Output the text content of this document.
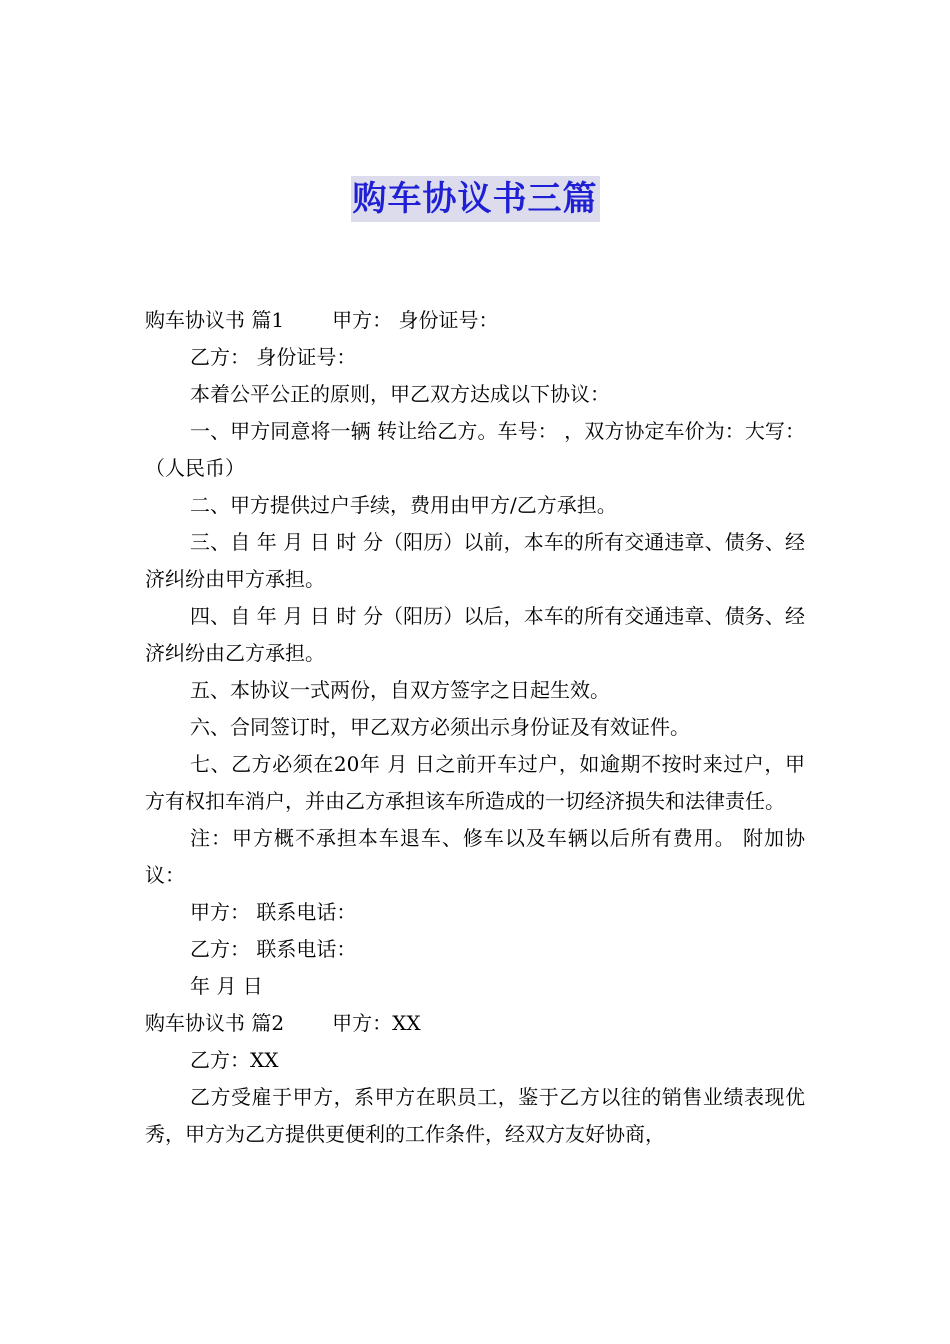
购车协议书三篇

购车协议书 篇1 甲方： 身份证号：

乙方： 身份证号：

本着公平公正的原则，甲乙双方达成以下协议：

一、甲方同意将一辆 转让给乙方。车号： ，双方协定车价为：大写： （人民币）

二、甲方提供过户手续，费用由甲方/乙方承担。

三、自 年 月 日 时 分（阳历）以前，本车的所有交通违章、债务、经济纠纷由甲方承担。

四、自 年 月 日 时 分（阳历）以后，本车的所有交通违章、债务、经济纠纷由乙方承担。

五、本协议一式两份，自双方签字之日起生效。

六、合同签订时，甲乙双方必须出示身份证及有效证件。

七、乙方必须在20年 月 日之前开车过户，如逾期不按时来过户，甲方有权扣车消户，并由乙方承担该车所造成的一切经济损失和法律责任。

注：甲方概不承担本车退车、修车以及车辆以后所有费用。 附加协议：

甲方： 联系电话：

乙方： 联系电话：

年 月 日

购车协议书 篇2 甲方：XX

乙方：XX

乙方受雇于甲方，系甲方在职员工，鉴于乙方以往的销售业绩表现优秀，甲方为乙方提供更便利的工作条件，经双方友好协商，
